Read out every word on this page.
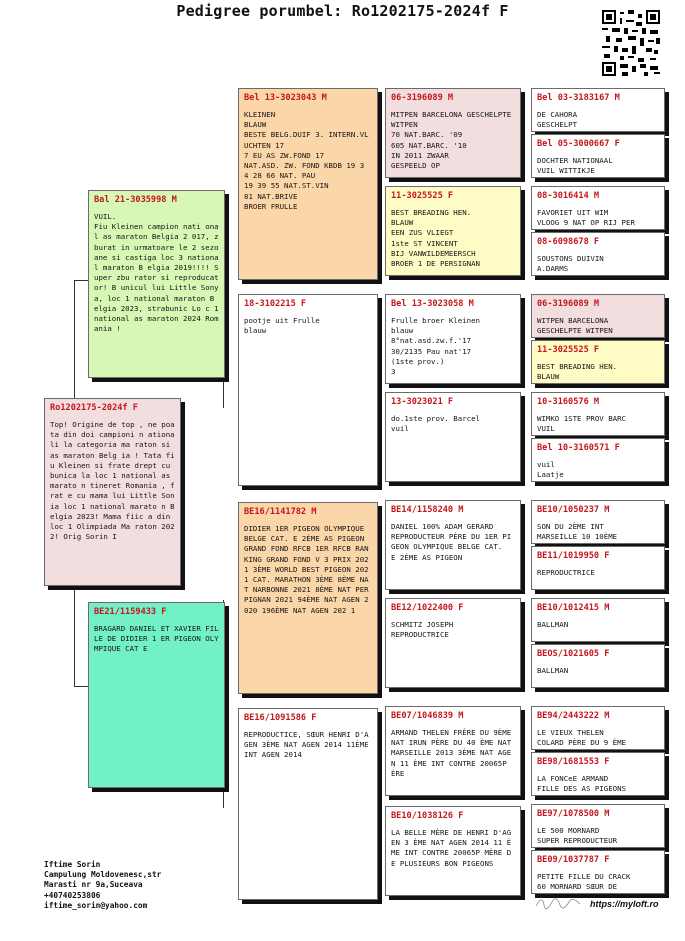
Pedigree porumbel: Ro1202175-2024f F
Ro1202175-2024f F
Top! Origine de top , ne poata din doi campioni n ationali la categoria ma raton si as maraton Belg ia ! Tata fiu Kleinen si frate drept cu bunica la loc 1 national as marato n tineret Romania , frat e cu mama lui Little Son ia loc 1 national marato n Belgia 2023! Mama fiic a din loc 1 Olimpiada Ma raton 2022! Orig Sorin I
Bal 21-3035998 M
VUIL.
Fiu Kleinen campion nati onal as maraton Belgia 2 017, zburat in urmatoare le 2 sezoane si castiga loc 3 national maraton B elgia 2019!!!! Super zbu rator si reproducator! B unicul lui Little Sonya, loc 1 national maraton B elgia 2023, strabunic Lo c 1 national as maraton 2024 Romania !
BE21/1159433 F
BRAGARD DANIEL ET XAVIER FILLE DE DIDIER 1 ER PIGEON OLYMPIQUE CAT E
Bel 13-3023043 M
KLEINEN
BLAUW
BESTE BELG.DUIF 3. INTERN.VLUCHTEN 17
7 EU AS ZW.FOND 17
NAT.ASD. ZW. FOND KBDB 19 3
4 28 66 NAT. PAU
19 39 55 NAT.ST.VIN
81 NAT.BRIVE
BROER FRULLE
18-3102215 F
pootje uit Frulle
blauw
BE16/1141782 M
DIDIER 1ER PIGEON OLYMPIQUE BELGE CAT. E 2ÈME AS PIGEON GRAND FOND RFCB 1ER RFCB RANKING GRAND FOND V 3 PRIX 2021 3ÈME WORLD BEST PIGEON 2021 CAT. MARATHON 3ÈME 8ÈME NAT NARBONNE 2021 8ÈME NAT PERPIGNAN 2021 94ÈME NAT AGEN 2020 196ÈME NAT AGEN 202 1
BE16/1091586 F
REPRODUCTICE, SŒUR HENRI D'AGEN 3ÈME NAT AGEN 2014 11ÈME INT AGEN 2014
06-3196089 M
MITPEN BARCELONA GESCHELPTE WITPEN
70 NAT.BARC. '09
605 NAT.BARC. '10
IN 2011 ZWAAR
GESPEELD OP
11-3025525 F
BEST BREADING HEN.
BLAUW
EEN ZUS VLIEGT
1ste ST VINCENT
BIJ VANWILDEMEERSCH
BROER 1 DE PERSIGNAN
Bel 13-3023058 M
Frulle broer Kleinen
blauw
8°nat.asd.zw.f.'17
30/2135 Pau nat'17
(1ste prov.)
3
13-3023021 F
do.1ste prov. Barcel
vuil
BE14/1158240 M
DANIEL 100% ADAM GERARD
REPRODUCTEUR PÈRE DU 1ER PIGEON OLYMPIQUE BELGE CAT.
E 2ÈME AS PIGEON
BE12/1022400 F
SCHMITZ JOSEPH
REPRODUCTRICE
BE07/1046839 M
ARMAND THELEN FRÈRE DU 9ÈME NAT IRUN PÈRE DU 40 ÈME NAT MARSEILLE 2013 3ÈME NAT AGEN 11 ÈME INT CONTRE 20065P ÈRE
BE10/1038126 F
LA BELLE MÈRE DE HENRI D'AGEN 3 ÈME NAT AGEN 2014 11 ÈME INT CONTRE 20065P MÈRE DE PLUSIEURS BON PIGEONS
Bel 03-3183167 M
DE CAHORA
GESCHELPT
Bel 05-3000667 F
DOCHTER NATIONAAL
VUIL WITTIKJE
08-3016414 M
FAVORIET UIT WIM
VLOOG 9 NAT OP RIJ PER
08-6098678 F
SOUSTONS DUIVIN
A.DARMS
06-3196089 M
WITPEN BARCELONA
GESCHELPTE WITPEN
11-3025525 F
BEST BREADING HEN.
BLAUW
10-3160576 M
WIMKO 1STE PROV BARC
VUIL
Bel 10-3160571 F
vuil
Laatje
BE10/1050237 M
SON DU 2ÈME INT
MARSEILLE 10 10ÈME
BE11/1019950 F
REPRODUCTRICE
BE10/1012415 M
BALLMAN
BEOS/1021605 F
BALLMAN
BE94/2443222 M
LE VIEUX THELEN
COLARD PÈRE DU 9 ÈME
BE98/1681553 F
LA FONCeE ARMAND
FILLE DES AS PIGEONS
BE97/1078500 M
LE 500 MORNARD
SUPER REPRODUCTEUR
BE09/1037787 F
PETITE FILLE DU CRACK
60 MORNARD SŒUR DE
Iftime Sorin
Campulung Moldovenesc,str
Marasti nr 9a,Suceava
+40740253806
iftime_sorin@yahoo.com	https://myloft.ro
